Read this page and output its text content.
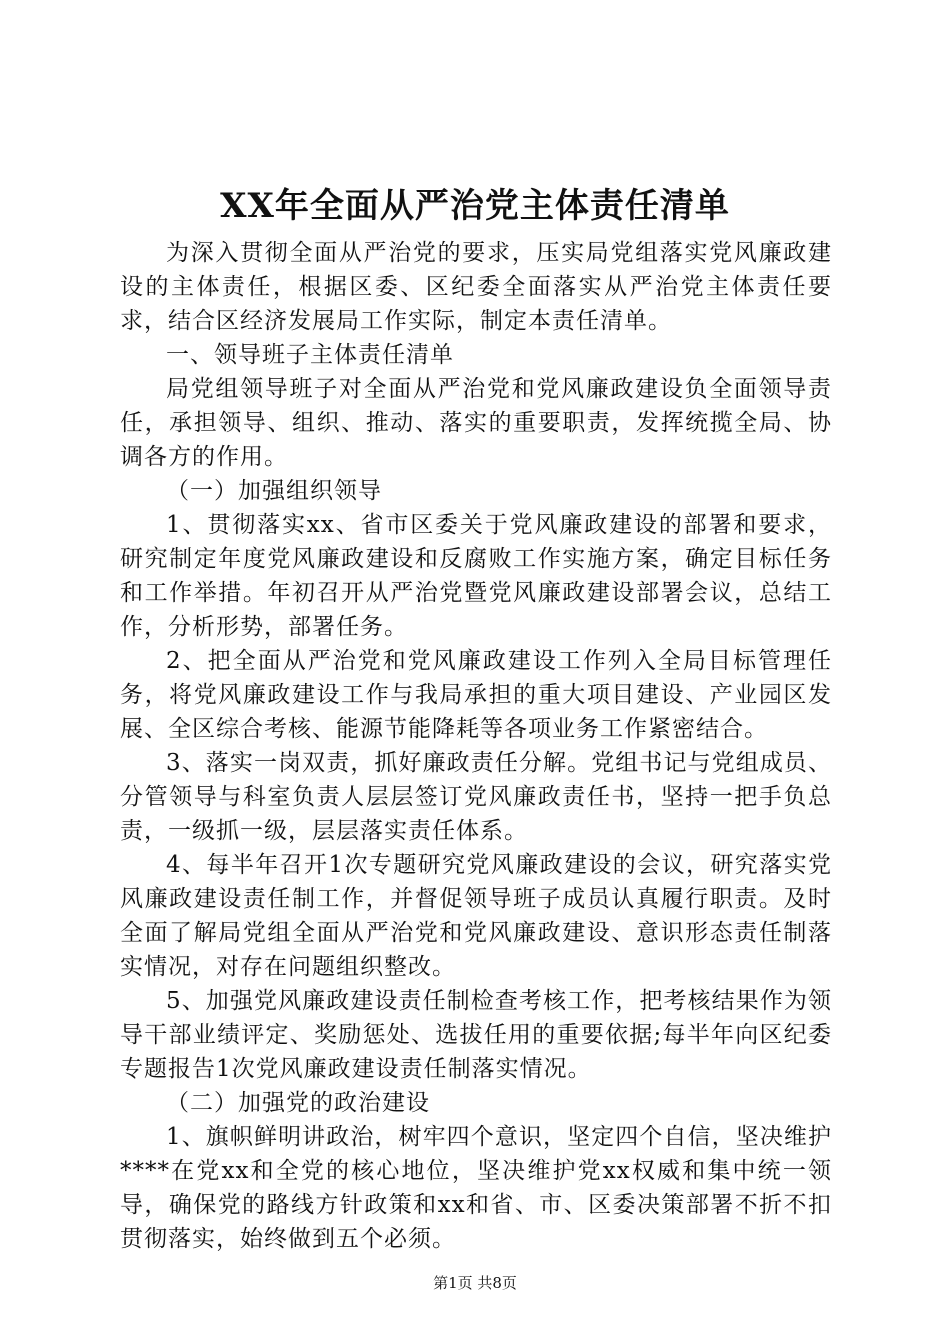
XX年全面从严治党主体责任清单

为深入贯彻全面从严治党的要求，压实局党组落实党风廉政建设的主体责任，根据区委、区纪委全面落实从严治党主体责任要求，结合区经济发展局工作实际，制定本责任清单。

一、领导班子主体责任清单

局党组领导班子对全面从严治党和党风廉政建设负全面领导责任，承担领导、组织、推动、落实的重要职责，发挥统揽全局、协调各方的作用。

（一）加强组织领导

1、贯彻落实xx、省市区委关于党风廉政建设的部署和要求，研究制定年度党风廉政建设和反腐败工作实施方案，确定目标任务和工作举措。年初召开从严治党暨党风廉政建设部署会议，总结工作，分析形势，部署任务。

2、把全面从严治党和党风廉政建设工作列入全局目标管理任务，将党风廉政建设工作与我局承担的重大项目建设、产业园区发展、全区综合考核、能源节能降耗等各项业务工作紧密结合。

3、落实一岗双责，抓好廉政责任分解。党组书记与党组成员、分管领导与科室负责人层层签订党风廉政责任书，坚持一把手负总责，一级抓一级，层层落实责任体系。

4、每半年召开1次专题研究党风廉政建设的会议，研究落实党风廉政建设责任制工作，并督促领导班子成员认真履行职责。及时全面了解局党组全面从严治党和党风廉政建设、意识形态责任制落实情况，对存在问题组织整改。

5、加强党风廉政建设责任制检查考核工作，把考核结果作为领导干部业绩评定、奖励惩处、选拔任用的重要依据;每半年向区纪委专题报告1次党风廉政建设责任制落实情况。

（二）加强党的政治建设

1、旗帜鲜明讲政治，树牢四个意识，坚定四个自信，坚决维护****在党xx和全党的核心地位，坚决维护党xx权威和集中统一领导，确保党的路线方针政策和xx和省、市、区委决策部署不折不扣贯彻落实，始终做到五个必须。

第1页 共8页
